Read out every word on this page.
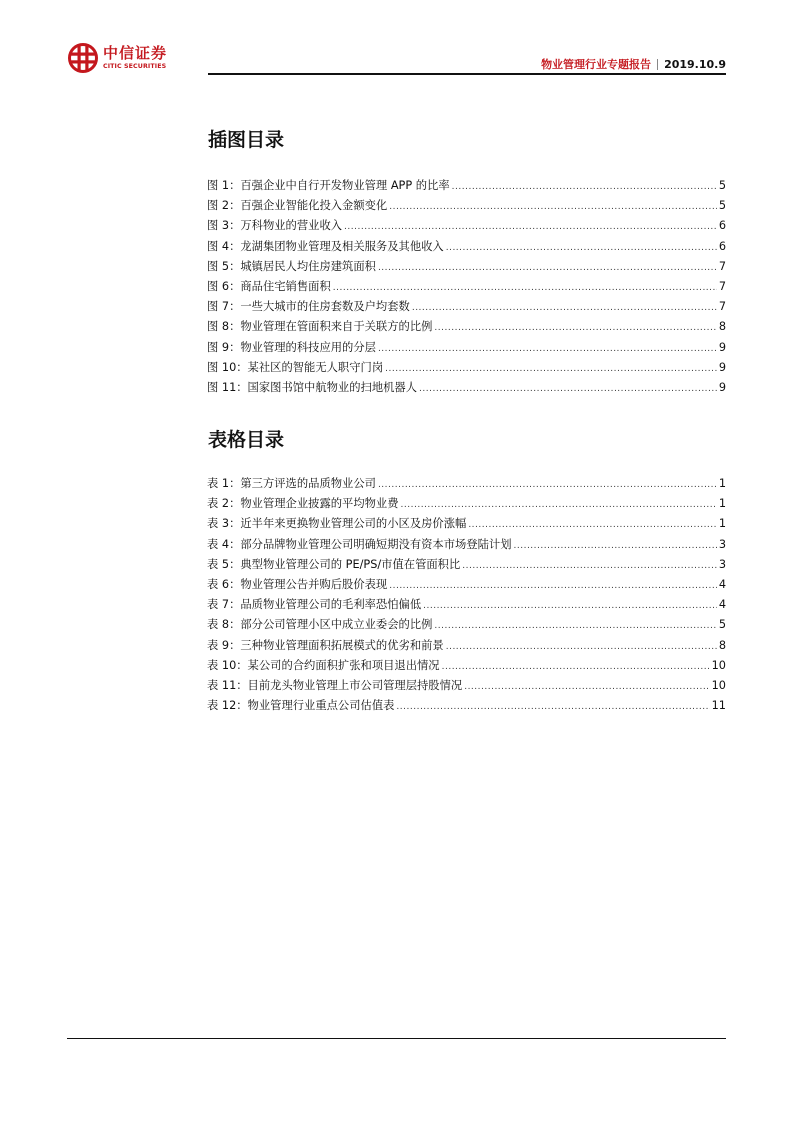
中信证券
CITIC SECURITIES	物业管理行业专题报告 2019.10.9
插图目录
图 1：百强企业中自行开发物业管理 APP 的比率 .....	5
图 2：百强企业智能化投入金额变化 .....	5
图 3：万科物业的营业收入 .....	6
图 4：龙湖集团物业管理及相关服务及其他收入 .....	6
图 5：城镇居民人均住房建筑面积 .....	7
图 6：商品住宅销售面积 .....	7
图 7：一些大城市的住房套数及户均套数 .....	7
图 8：物业管理在管面积来自于关联方的比例 .....	8
图 9：物业管理的科技应用的分层 .....	9
图 10：某社区的智能无人职守门岗 .....	9
图 11：国家图书馆中航物业的扫地机器人 .....	9
表格目录
表 1：第三方评选的品质物业公司 .....	1
表 2：物业管理企业披露的平均物业费 .....	1
表 3：近半年来更换物业管理公司的小区及房价涨幅 .....	1
表 4：部分品牌物业管理公司明确短期没有资本市场登陆计划 .....	3
表 5：典型物业管理公司的 PE/PS/市值在管面积比 .....	3
表 6：物业管理公告并购后股价表现 .....	4
表 7：品质物业管理公司的毛利率恐怕偏低 .....	4
表 8：部分公司管理小区中成立业委会的比例 .....	5
表 9：三种物业管理面积拓展模式的优劣和前景 .....	8
表 10：某公司的合约面积扩张和项目退出情况 .....	10
表 11：目前龙头物业管理上市公司管理层持股情况 .....	10
表 12：物业管理行业重点公司估值表 .....	11
